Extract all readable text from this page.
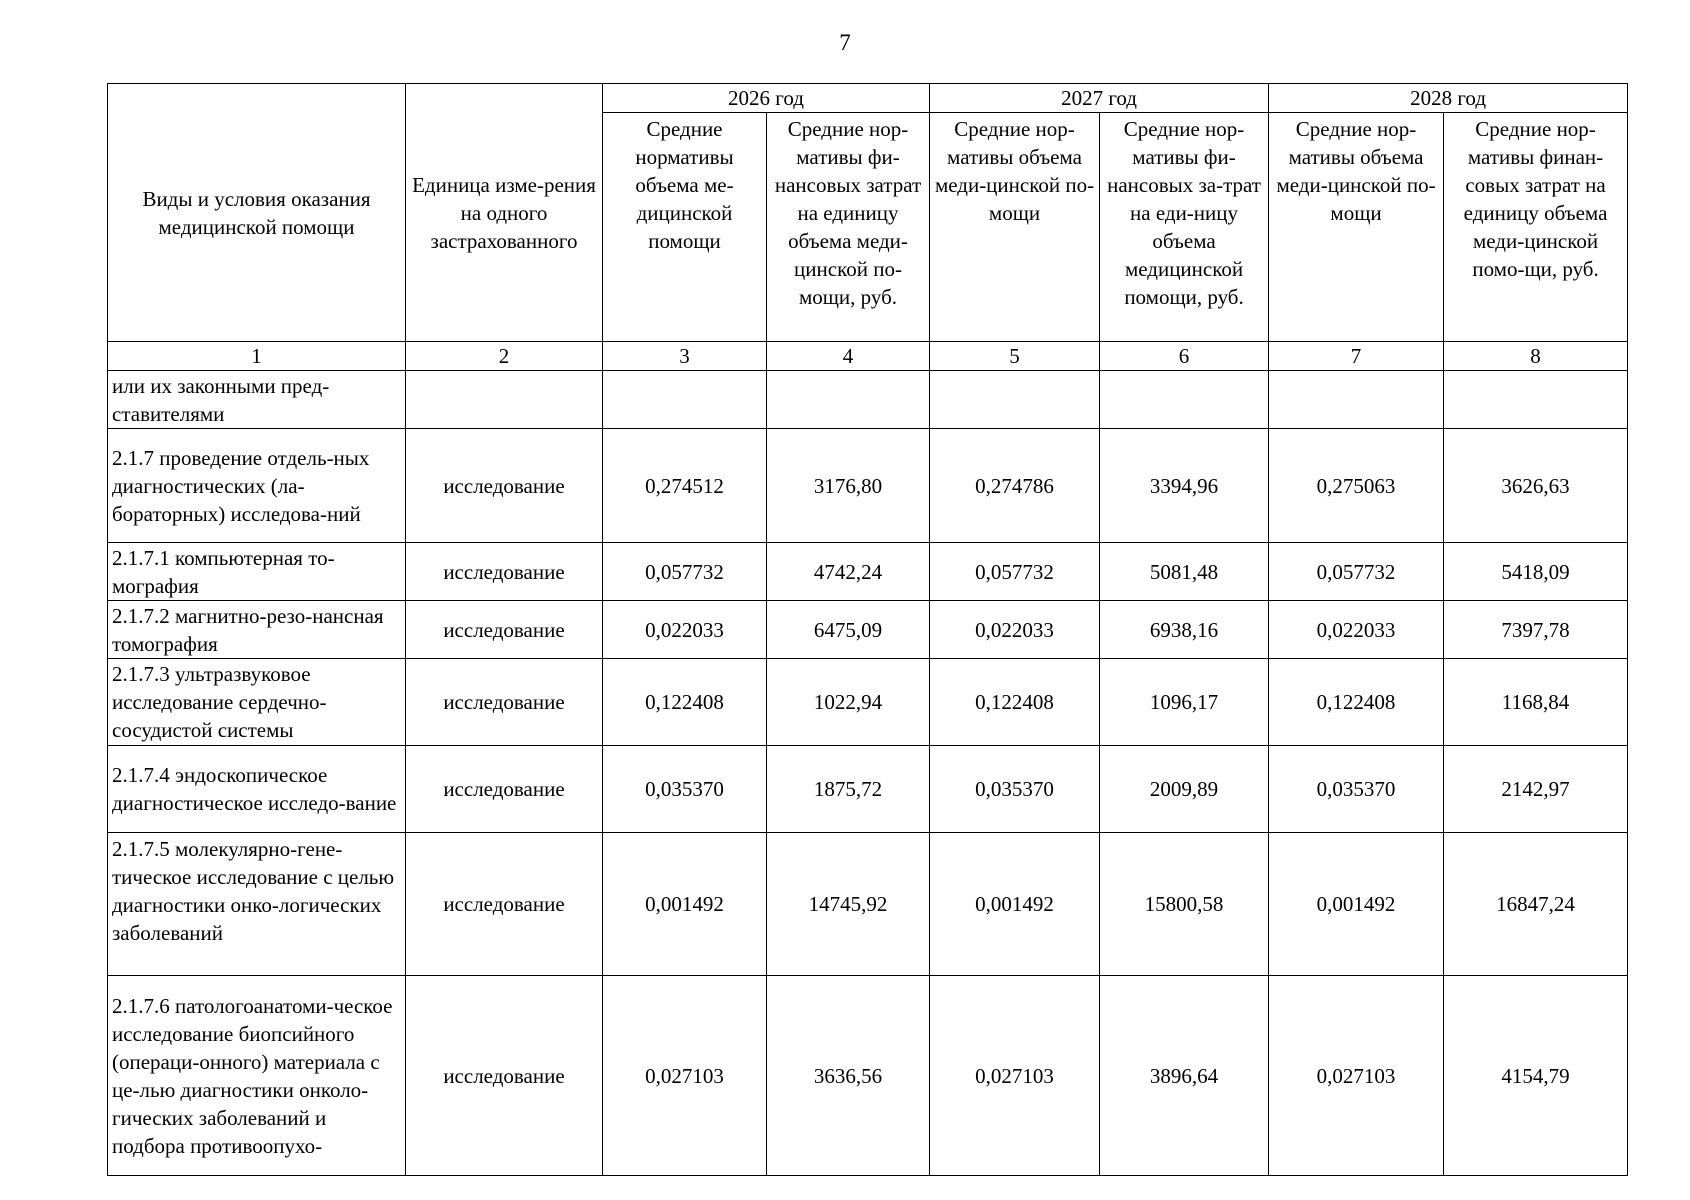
7
Виды и условия оказания медицинской помощи	Единица изме-рения на одного застрахованного	2026 год		2027 год		2028 год	
		Средние нормативы объема ме-дицинской помощи	Средние нор-мативы фи-нансовых затрат на единицу объема меди-цинской по-мощи, руб.	Средние нор-мативы объема меди-цинской по-мощи	Средние нор-мативы фи-нансовых за-трат на еди-ницу объема медицинской помощи, руб.	Средние нор-мативы объема меди-цинской по-мощи	Средние нор-мативы финан-совых затрат на единицу объема меди-цинской помо-щи, руб.
1	2	3	4	5	6	7	8
или их законными пред-ставителями							
2.1.7 проведение отдель-ных диагностических (ла-бораторных) исследова-ний	исследование	0,274512	3176,80	0,274786	3394,96	0,275063	3626,63
2.1.7.1 компьютерная то-мография	исследование	0,057732	4742,24	0,057732	5081,48	0,057732	5418,09
2.1.7.2 магнитно-резо-нансная томография	исследование	0,022033	6475,09	0,022033	6938,16	0,022033	7397,78
2.1.7.3 ультразвуковое исследование сердечно-сосудистой системы	исследование	0,122408	1022,94	0,122408	1096,17	0,122408	1168,84
2.1.7.4 эндоскопическое диагностическое исследо-вание	исследование	0,035370	1875,72	0,035370	2009,89	0,035370	2142,97
2.1.7.5 молекулярно-гене-тическое исследование с целью диагностики онко-логических заболеваний	исследование	0,001492	14745,92	0,001492	15800,58	0,001492	16847,24
2.1.7.6 патологоанатоми-ческое исследование биопсийного (операци-онного) материала с це-лью диагностики онколо-гических заболеваний и подбора противоопухо-	исследование	0,027103	3636,56	0,027103	3896,64	0,027103	4154,79
